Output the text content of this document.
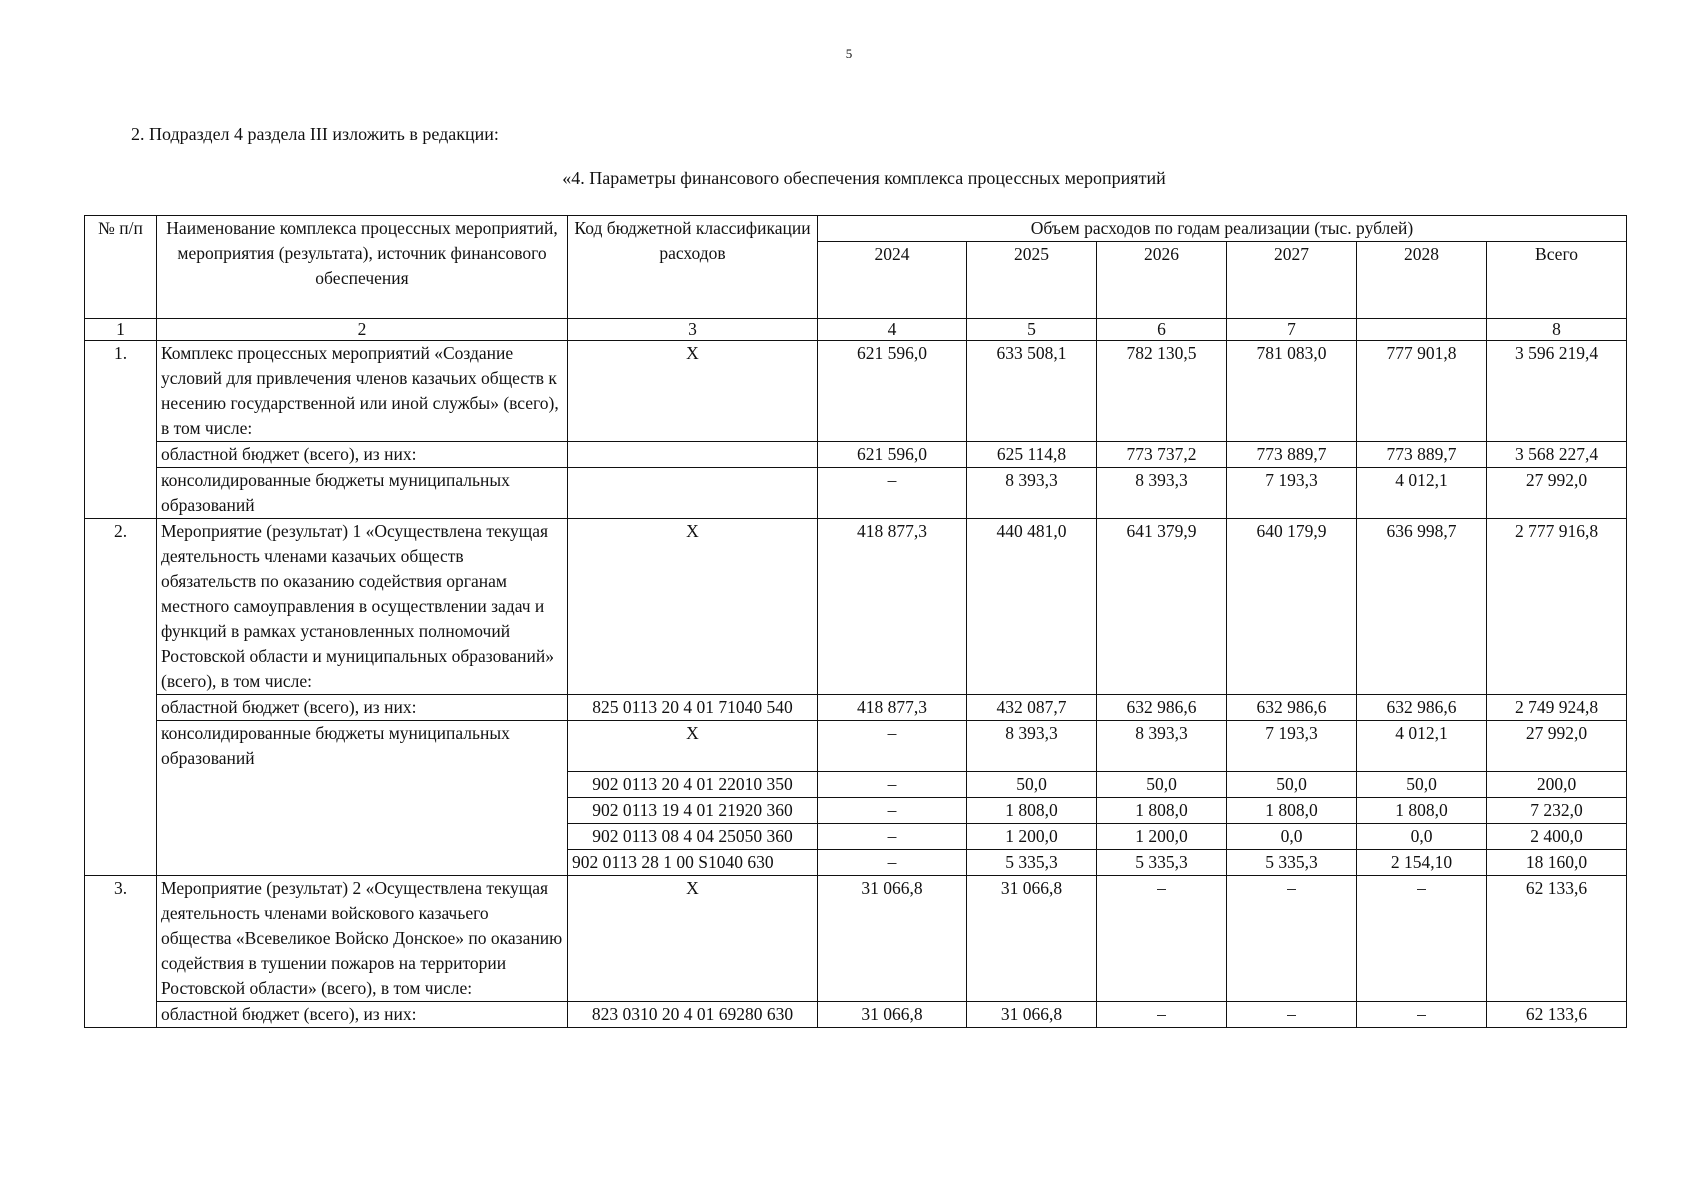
5
2. Подраздел 4 раздела III изложить в редакции:
«4. Параметры финансового обеспечения комплекса процессных мероприятий
№ п/п	Наименование комплекса процессных мероприятий, мероприятия (результата), источник финансового обеспечения	Код бюджетной классификации расходов	Объем расходов по годам реализации (тыс. рублей)					
			2024	2025	2026	2027	2028	Всего
1	2	3	4	5	6	7		8
1.	Комплекс процессных мероприятий «Создание условий для привлечения членов казачьих обществ к несению государственной или иной службы» (всего), в том числе:	X	621 596,0	633 508,1	782 130,5	781 083,0	777 901,8	3 596 219,4
	областной бюджет (всего), из них:		621 596,0	625 114,8	773 737,2	773 889,7	773 889,7	3 568 227,4
	консолидированные бюджеты муниципальных образований		–	8 393,3	8 393,3	7 193,3	4 012,1	27 992,0
2.	Мероприятие (результат) 1 «Осуществлена текущая деятельность членами казачьих обществ обязательств по оказанию содействия органам местного самоуправления в осуществлении задач и функций в рамках установленных полномочий Ростовской области и муниципальных образований» (всего), в том числе:	X	418 877,3	440 481,0	641 379,9	640 179,9	636 998,7	2 777 916,8
	областной бюджет (всего), из них:	825 0113 20 4 01 71040 540	418 877,3	432 087,7	632 986,6	632 986,6	632 986,6	2 749 924,8
	консолидированные бюджеты муниципальных образований	X	–	8 393,3	8 393,3	7 193,3	4 012,1	27 992,0
		902 0113 20 4 01 22010 350	–	50,0	50,0	50,0	50,0	200,0
		902 0113 19 4 01 21920 360	–	1 808,0	1 808,0	1 808,0	1 808,0	7 232,0
		902 0113 08 4 04 25050 360	–	1 200,0	1 200,0	0,0	0,0	2 400,0
		902 0113 28 1 00 S1040 630	–	5 335,3	5 335,3	5 335,3	2 154,10	18 160,0
3.	Мероприятие (результат) 2 «Осуществлена текущая деятельность членами войскового казачьего общества «Всевеликое Войско Донское» по оказанию содействия в тушении пожаров на территории Ростовской области» (всего), в том числе:	X	31 066,8	31 066,8	–	–	–	62 133,6
	областной бюджет (всего), из них:	823 0310 20 4 01 69280 630	31 066,8	31 066,8	–	–	–	62 133,6
